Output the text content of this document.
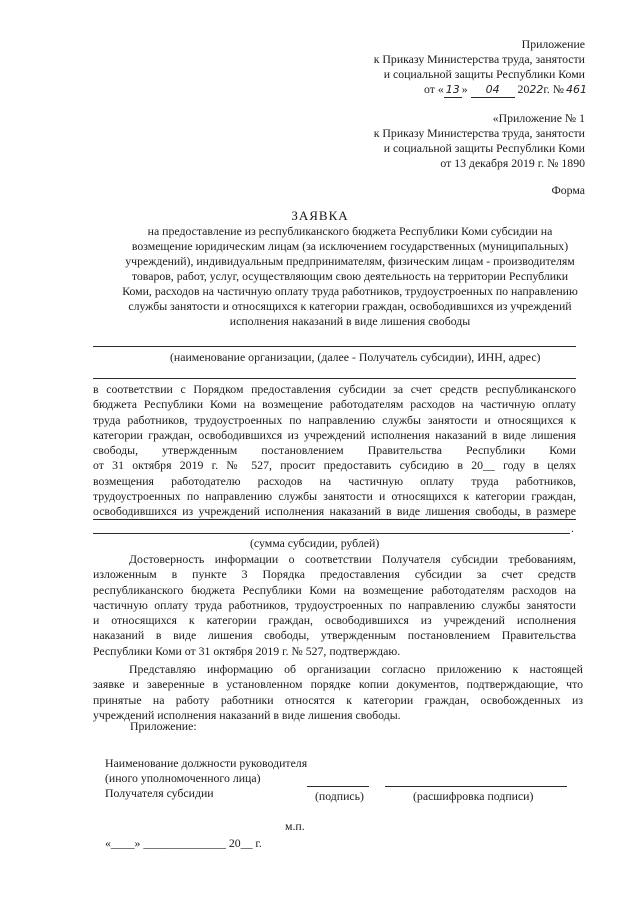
Приложение
к Приказу Министерства труда, занятости
и социальной защиты Республики Коми
от « 13 » 04 2022г. № 461
«Приложение № 1
к Приказу Министерства труда, занятости
и социальной защиты Республики Коми
от 13 декабря 2019 г. № 1890
Форма
ЗАЯВКА
на предоставление из республиканского бюджета Республики Коми субсидии на
возмещение юридическим лицам (за исключением государственных (муниципальных)
учреждений), индивидуальным предпринимателям, физическим лицам - производителям
товаров, работ, услуг, осуществляющим свою деятельность на территории Республики
Коми, расходов на частичную оплату труда работников, трудоустроенных по направлению
службы занятости и относящихся к категории граждан, освободившихся из учреждений
исполнения наказаний в виде лишения свободы
(наименование организации, (далее - Получатель субсидии), ИНН, адрес)
в соответствии с Порядком предоставления субсидии за счет средств республиканского
бюджета Республики Коми на возмещение работодателям расходов на частичную оплату
труда работников, трудоустроенных по направлению службы занятости и относящихся к
категории граждан, освободившихся из учреждений исполнения наказаний в виде лишения
свободы, утвержденным постановлением Правительства Республики Коми
от 31 октября 2019 г. № 527, просит предоставить субсидию в 20__ году в целях
возмещения работодателю расходов на частичную оплату труда работников,
трудоустроенных по направлению службы занятости и относящихся к категории граждан,
освободившихся из учреждений исполнения наказаний в виде лишения свободы, в размере
.
(сумма субсидии, рублей)
Достоверность информации о соответствии Получателя субсидии требованиям,
изложенным в пункте 3 Порядка предоставления субсидии за счет средств
республиканского бюджета Республики Коми на возмещение работодателям расходов на
частичную оплату труда работников, трудоустроенных по направлению службы занятости
и относящихся к категории граждан, освободившихся из учреждений исполнения
наказаний в виде лишения свободы, утвержденным постановлением Правительства
Республики Коми от 31 октября 2019 г. № 527, подтверждаю.
Представляю информацию об организации согласно приложению к настоящей
заявке и заверенные в установленном порядке копии документов, подтверждающие, что
принятые на работу работники относятся к категории граждан, освобожденных из
учреждений исполнения наказаний в виде лишения свободы.
Приложение:
Наименование должности руководителя
(иного уполномоченного лица)
Получателя субсидии	(подпись)	(расшифровка подписи)
м.п.
«____» ______________ 20__ г.
